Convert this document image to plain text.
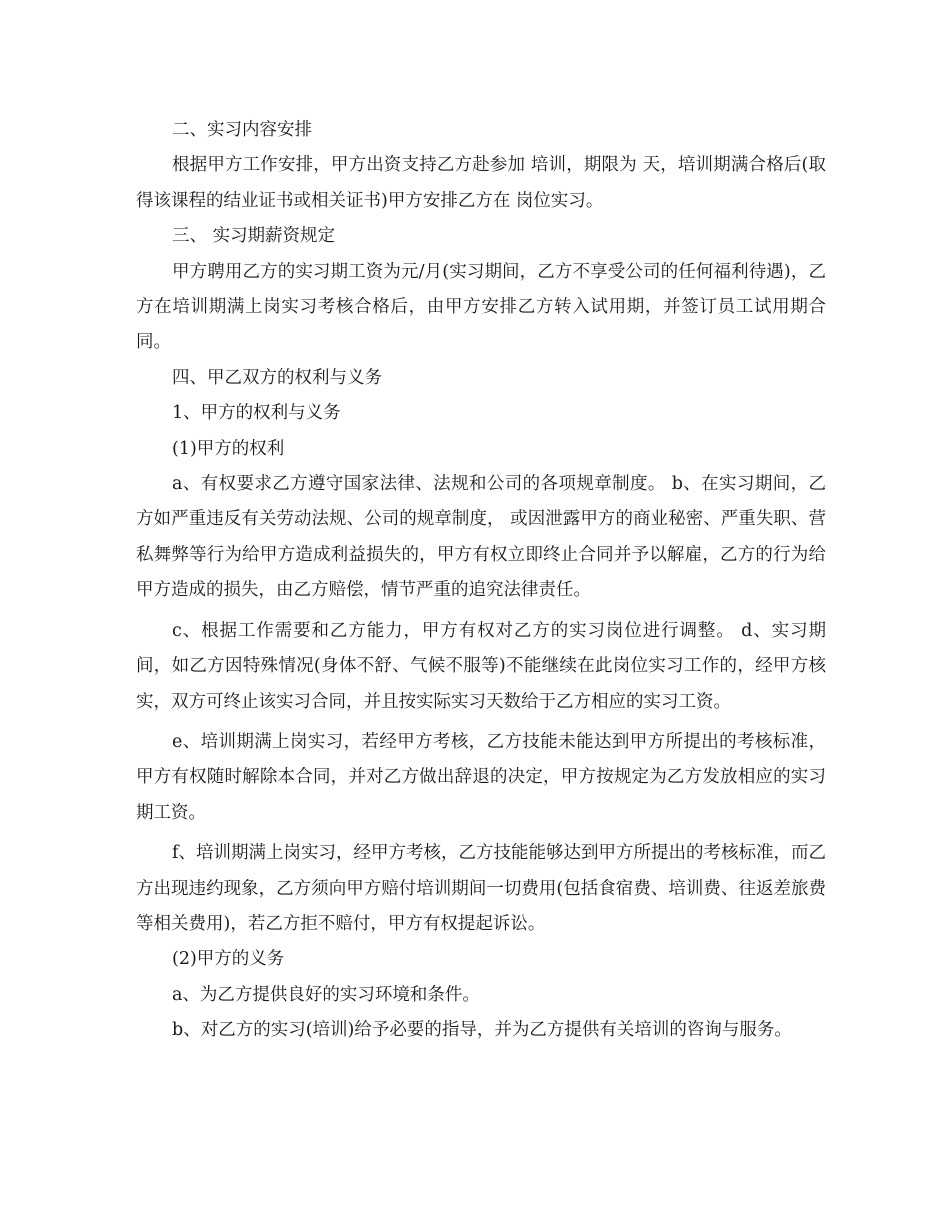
二、实习内容安排

根据甲方工作安排，甲方出资支持乙方赴参加 培训，期限为 天，培训期满合格后(取得该课程的结业证书或相关证书)甲方安排乙方在 岗位实习。

三、 实习期薪资规定

甲方聘用乙方的实习期工资为元/月(实习期间，乙方不享受公司的任何福利待遇)，乙方在培训期满上岗实习考核合格后，由甲方安排乙方转入试用期，并签订员工试用期合同。

四、甲乙双方的权利与义务

1、甲方的权利与义务

(1)甲方的权利

a、有权要求乙方遵守国家法律、法规和公司的各项规章制度。 b、在实习期间，乙方如严重违反有关劳动法规、公司的规章制度， 或因泄露甲方的商业秘密、严重失职、营私舞弊等行为给甲方造成利益损失的，甲方有权立即终止合同并予以解雇，乙方的行为给甲方造成的损失，由乙方赔偿，情节严重的追究法律责任。

c、根据工作需要和乙方能力，甲方有权对乙方的实习岗位进行调整。 d、实习期间，如乙方因特殊情况(身体不舒、气候不服等)不能继续在此岗位实习工作的，经甲方核实，双方可终止该实习合同，并且按实际实习天数给于乙方相应的实习工资。

e、培训期满上岗实习，若经甲方考核，乙方技能未能达到甲方所提出的考核标准，甲方有权随时解除本合同，并对乙方做出辞退的决定，甲方按规定为乙方发放相应的实习期工资。

f、培训期满上岗实习，经甲方考核，乙方技能能够达到甲方所提出的考核标准，而乙方出现违约现象，乙方须向甲方赔付培训期间一切费用(包括食宿费、培训费、往返差旅费等相关费用)，若乙方拒不赔付，甲方有权提起诉讼。

(2)甲方的义务

a、为乙方提供良好的实习环境和条件。

b、对乙方的实习(培训)给予必要的指导，并为乙方提供有关培训的咨询与服务。
